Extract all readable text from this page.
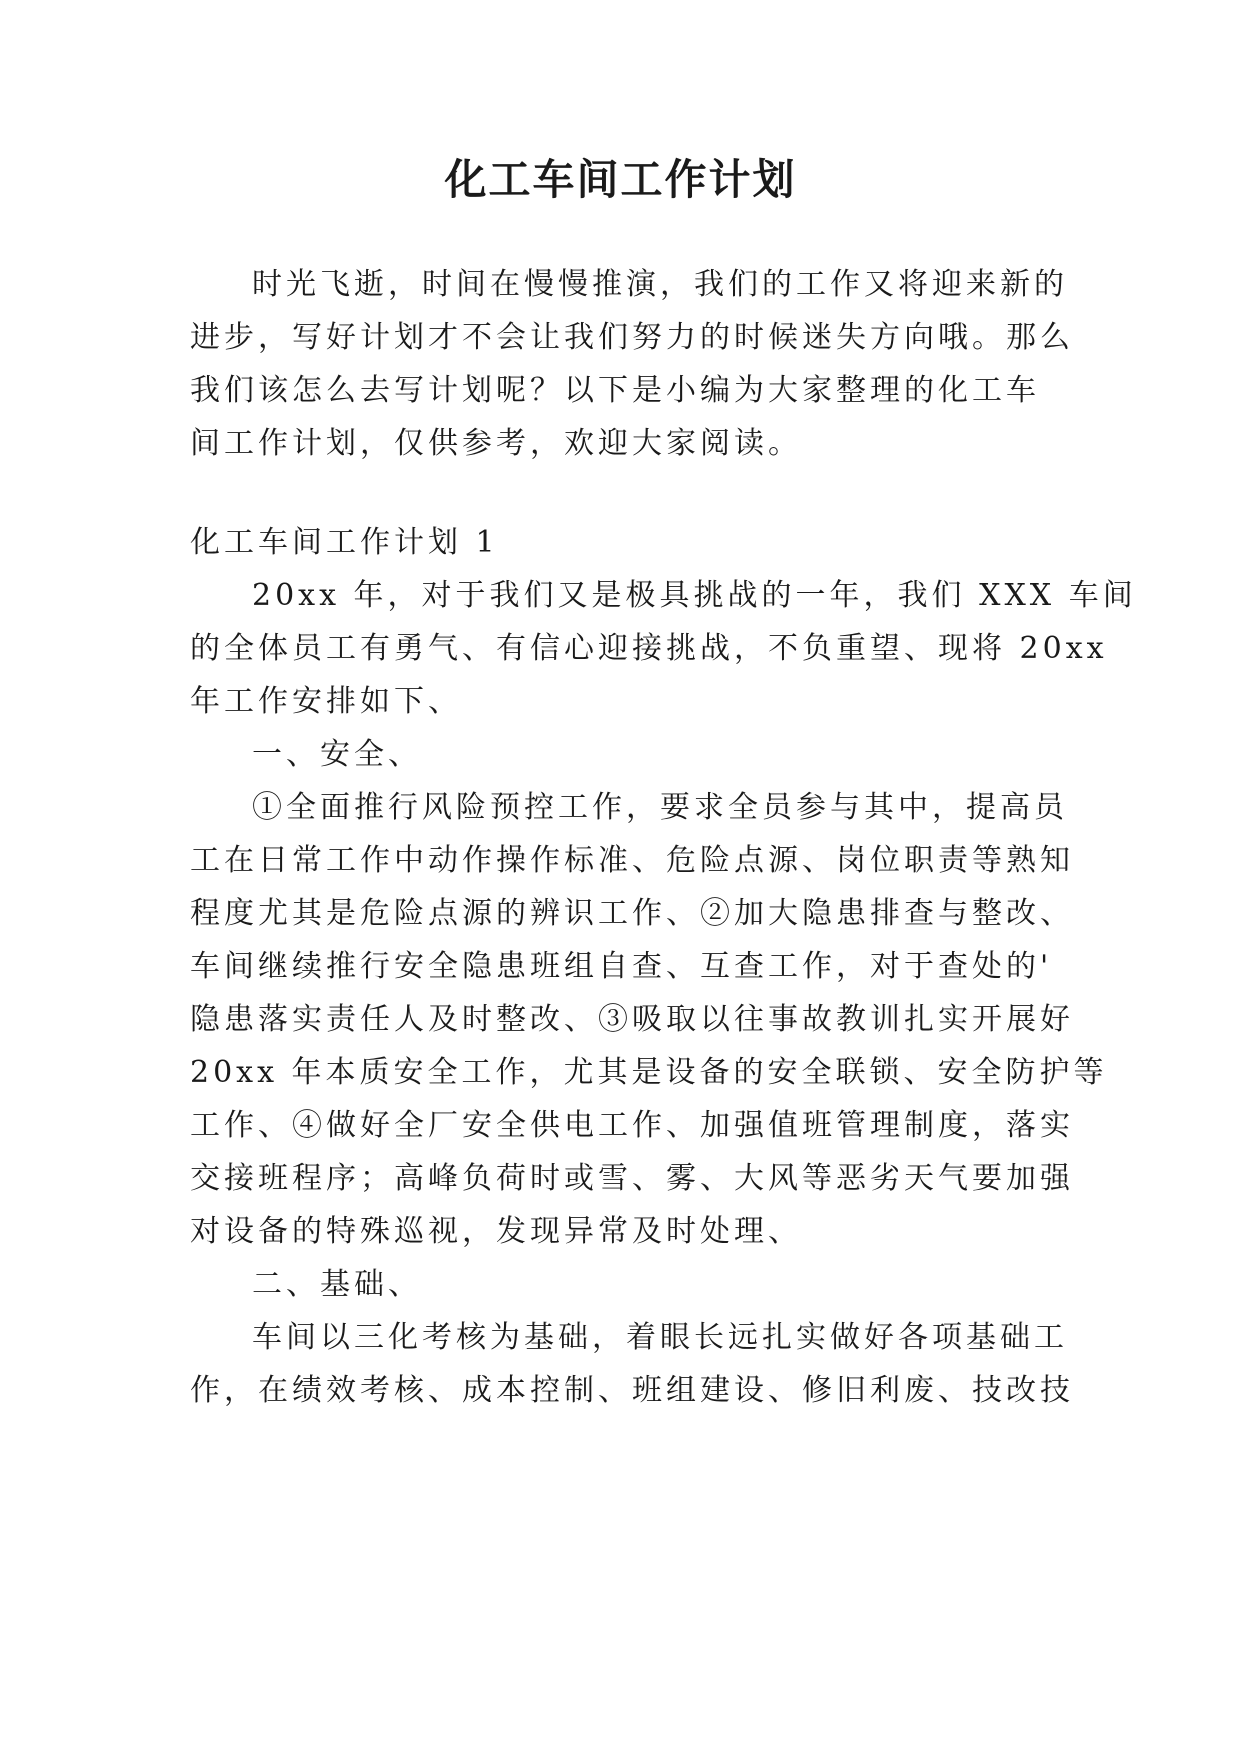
化工车间工作计划
时光飞逝，时间在慢慢推演，我们的工作又将迎来新的
进步，写好计划才不会让我们努力的时候迷失方向哦。那么
我们该怎么去写计划呢？以下是小编为大家整理的化工车
间工作计划，仅供参考，欢迎大家阅读。
化工车间工作计划 1
20xx 年，对于我们又是极具挑战的一年，我们 XXX 车间
的全体员工有勇气、有信心迎接挑战，不负重望、现将 20xx
年工作安排如下、
一、安全、
①全面推行风险预控工作，要求全员参与其中，提高员
工在日常工作中动作操作标准、危险点源、岗位职责等熟知
程度尤其是危险点源的辨识工作、②加大隐患排查与整改、
车间继续推行安全隐患班组自查、互查工作，对于查处的'
隐患落实责任人及时整改、③吸取以往事故教训扎实开展好
20xx 年本质安全工作，尤其是设备的安全联锁、安全防护等
工作、④做好全厂安全供电工作、加强值班管理制度，落实
交接班程序；高峰负荷时或雪、雾、大风等恶劣天气要加强
对设备的特殊巡视，发现异常及时处理、
二、基础、
车间以三化考核为基础，着眼长远扎实做好各项基础工
作，在绩效考核、成本控制、班组建设、修旧利废、技改技
